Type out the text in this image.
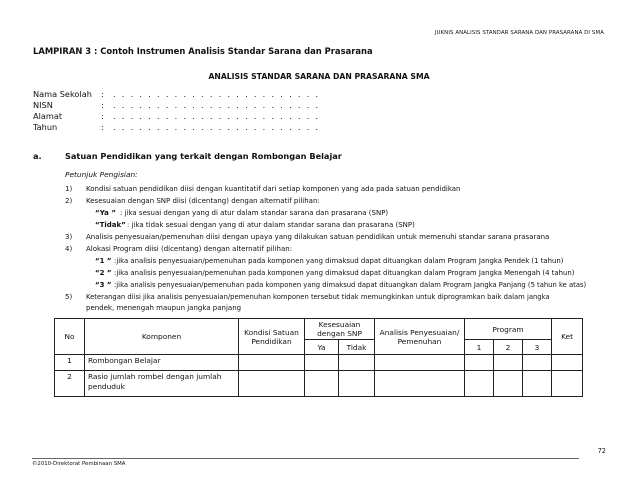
JUKNIS ANALISIS STANDAR SARANA DAN PRASARANA DI SMA
LAMPIRAN 3 : Contoh Instrumen Analisis Standar Sarana dan Prasarana
ANALISIS STANDAR SARANA DAN PRASARANA SMA
Nama Sekolah : . . . . . . . . . . . . . . . . . . . . . . . .
NISN	: . . . . . . . . . . . . . . . . . . . . . . . .
Alamat	: . . . . . . . . . . . . . . . . . . . . . . . .
Tahun	: . . . . . . . . . . . . . . . . . . . . . . . .
a.	Satuan Pendidikan yang terkait dengan Rombongan Belajar
Petunjuk Pengisian:
1) Kondisi satuan pendidikan diisi dengan kuantitatif dari setiap komponen yang ada pada satuan pendidikan
2) Kesesuaian dengan SNP diisi (dicentang) dengan alternatif pilihan:
“Ya ” : jika sesuai dengan yang di atur dalam standar sarana dan prasarana (SNP)
“Tidak” : jika tidak sesuai dengan yang di atur dalam standar sarana dan prasarana (SNP)
3) Analisis penyesuaian/pemenuhan diisi dengan upaya yang dilakukan satuan pendidikan untuk memenuhi standar sarana prasarana
4) Alokasi Program diisi (dicentang) dengan alternatif pilihan:
“1 ” :jika analisis penyesuaian/pemenuhan pada komponen yang dimaksud dapat dituangkan dalam Program Jangka Pendek (1 tahun)
“2 ” :jika analisis penyesuaian/pemenuhan pada komponen yang dimaksud dapat dituangkan dalam Program Jangka Menengah (4 tahun)
“3 ” :jika analisis penyesuaian/pemenuhan pada komponen yang dimaksud dapat dituangkan dalam Program Jangka Panjang (5 tahun ke atas)
5) Keterangan diisi jika analisis penyesuaian/pemenuhan komponen tersebut tidak memungkinkan untuk diprogramkan baik dalam jangka
pendek, menengah maupun jangka panjang
No	Komponen	Kondisi Satuan Pendidikan	Kesesuaian dengan SNP		Analisis Penyesuaian/ Pemenuhan	Program			Ket
			Ya	Tidak		1	2	3	
1	Rombongan Belajar								
2	Rasio jumlah rombel dengan jumlah penduduk								
72
©2010-Direktorat Pembinaan SMA
